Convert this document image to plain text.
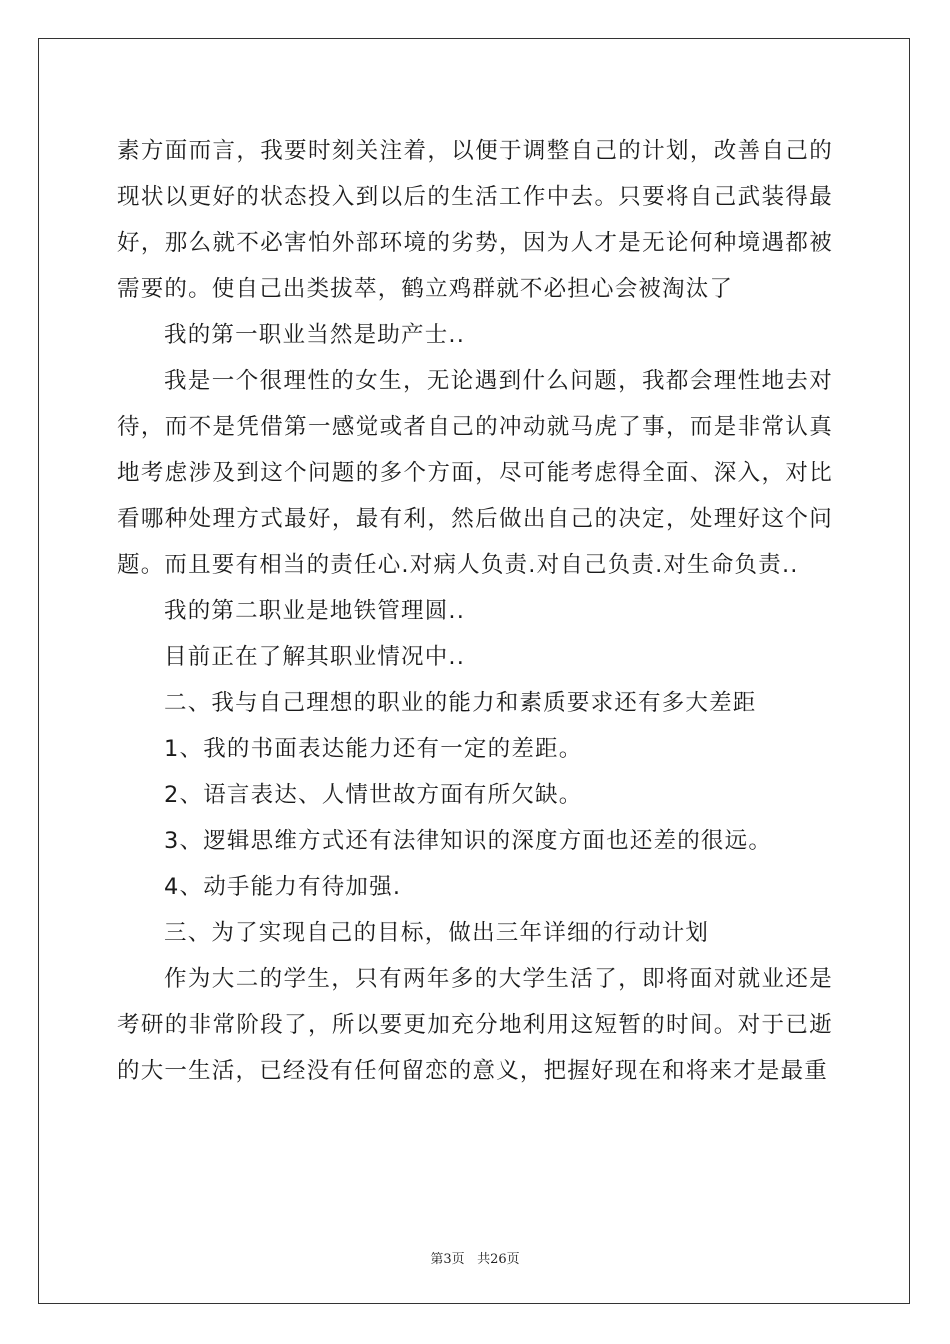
素方面而言，我要时刻关注着，以便于调整自己的计划，改善自己的现状以更好的状态投入到以后的生活工作中去。只要将自己武装得最好，那么就不必害怕外部环境的劣势，因为人才是无论何种境遇都被需要的。使自己出类拔萃，鹤立鸡群就不必担心会被淘汰了

我的第一职业当然是助产士..

我是一个很理性的女生，无论遇到什么问题，我都会理性地去对待，而不是凭借第一感觉或者自己的冲动就马虎了事，而是非常认真地考虑涉及到这个问题的多个方面，尽可能考虑得全面、深入，对比看哪种处理方式最好，最有利，然后做出自己的决定，处理好这个问题。而且要有相当的责任心.对病人负责.对自己负责.对生命负责..

我的第二职业是地铁管理圆..

目前正在了解其职业情况中..

二、我与自己理想的职业的能力和素质要求还有多大差距

1、我的书面表达能力还有一定的差距。

2、语言表达、人情世故方面有所欠缺。

3、逻辑思维方式还有法律知识的深度方面也还差的很远。

4、动手能力有待加强.

三、为了实现自己的目标，做出三年详细的行动计划

作为大二的学生，只有两年多的大学生活了，即将面对就业还是考研的非常阶段了，所以要更加充分地利用这短暂的时间。对于已逝的大一生活，已经没有任何留恋的意义，把握好现在和将来才是最重

第3页 共26页
